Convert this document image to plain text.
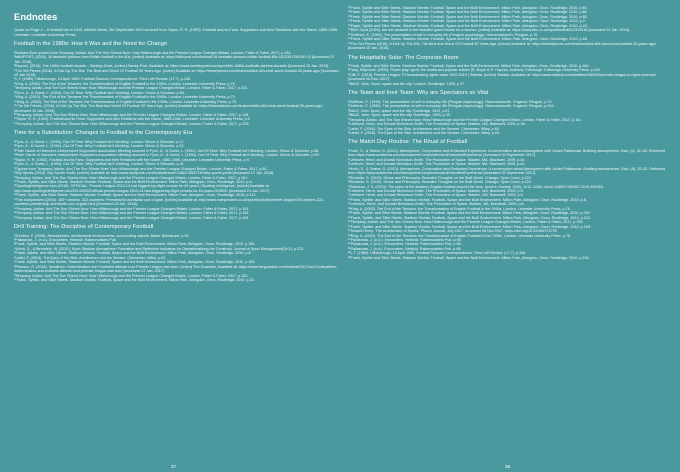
Endnotes

Quote on Page 2 – A football fan in 1910, Athletic News, 5th September 1910 sourced from Taylor, R. R. (1992). Football and its Fans: Supporters and their Relations with the Game, 1885-1985. Leicester: Leicester University Press.

Football in the 1980s: How it Was and the Need for Change

¹Barbara Buer quoted from Tempany, Adrian. And The Sun Shines Now: How Hillsborough and the Premier League Changed Britain, London, Faber & Faber, 2017, p.184.

²talkSPORT, (2016). 16 fantastic pictures from British football in the 80s. [online] Available at: https://talksport.com/football/16-fantastic-pictures-british-football-80s-151230175678/?=2 [Accessed 12 Jan. 2018].

³Beyond, (2016). The 1980s football decade – Sanleys Ends. [online] Sanley Post. Available at: https://www.sandleypost.com/sport/the-1980s-footballs-darkest-decade/ [Accessed 15 Jan. 2018].

⁴The Set Pieces (2016). A Kick Up The 80s: The Best and Worst Of Football 30 Years Ago. [online] Available at: https://thesetpieces.com/features/kick-80s-best-worst-football-30-years-ago/ [Accessed 15 Jan 2018].

⁵L.T. (1989). Hillsborough, 15 April 1989. Football Sources Correspondence. Flew Left Review. (17.7), p.106.

⁶King, A. (2002). The End of the Terraces: the Transformation of English Football in the 1990s. London: Leicester University Press, p.75.

⁷Tempany, Adrian. And The Sun Shines Now: How Hillsborough and the Premier League Changed Britain, London, Faber & Faber, 2017, p.220.

⁸Fynn, A., & Guest, L. (1994). Out Of Time: Why Football Isn't Working. London: Simon & Schuster, p.59.

⁹King, A. (2002). The End of the Terraces: the Transformation of English Football in the 1990s. London: Leicester University Press, p.75.

¹⁰King, A. (2002). The End of the Terraces: the Transformation of English Football in the 1990s. London: Leicester University Press, p.75.

¹¹The Set Pieces, (2016). A Kick Up The 80s: The Best And Worst Of Football 30 Years Ago. [online] Available at: https://thesetpieces.com/features/kick-80s-best-worst-football-30-years-ago/ [Accessed 15 Jan. 2018].

¹²Tempany, Adrian. And The Sun Shines Now: How Hillsborough and the Premier League Changed Britain, London, Faber & Faber, 2017, p.138.

¹³Taylor, R. R. (1992). Football and its Fans: Supporters and their Relations with the Game, 1885-1985. Leicester: Leicester University Press, p.5.

¹⁴Tempany, Adrian. And The Sun Shines Now: How Hillsborough and the Premier League Changed Britain, London, Faber & Faber, 2017, p.225.

Time for a Substitution: Changes to Football in the Contemporary Era

¹Fynn, A., & Guest, L. (1994). Out Of Time: Why Football Isn't Working. London: Simon & Schuster, p.17.

²Fynn, A., & Guest, L. (1994). Out Of Time: Why Football Isn't Working. London: Simon & Schuster, p.32.

³Peter Garrie of Hammers Independent Supporters Association Meeting sourced in Fynn, A., & Guest, L. (1994). Out Of Time: Why Football Isn't Working. London: Simon & Schuster, p.58.

⁴Peter Garrie of Hammers Independent Supporters Association Meeting sourced in Fynn, A., & Guest, L. (1994). Out Of Time: Why Football Isn't Working. London: Simon & Schuster, p.59.

⁵Taylor, R. R. (1992). Football and its Fans: Supporters and their Relations with the Game, 1885-1985. Leicester: Leicester University Press, p.9.

⁶Fynn, A., & Guest, L. (1994). Out Of Time: Why Football Isn't Working. London: Simon & Schuster, p.41.

⁷Figures from Tempany, Adrian. And The Sun Shines Now: How Hillsborough and the Premier League Changed Britain, London, Faber & Faber, 2017, p.81.

⁸Sky Sports (2018). Sky Sports Youth. [online] Available at: http://www.skysports.com/football/news/11662/10687750/sky-sports-youth [Accessed 17 Jan. 2018].

⁹Tempany, Adrian. And The Sun Shines Now: How Hillsborough and the Premier League Changed Britain, London, Faber & Faber, 2017, p.161.

¹⁰Frank, Sybille, and Silke Steets. Stadium Worlds: Football, Space and the Built Environment. Milton Park, Abingdon, Oxon, Routledge, 2010, p.6.

¹¹SportingIntelligence.com (2016). OFFICIAL: Premier League 2013-14 had biggest top-flight crowds for 64 years | Sporting Intelligence. [online] Available at: http://www.sportingintelligence.com/2014/06/02/official-premier-league-2013-14-had-biggest-top-flight-crowds-for-64-years-020601/ [Accessed 24 Jan. 2017].

¹²Frank, Sybille, and Silke Steets. Stadium Worlds: Football, Space and the Built Environment. Milton Park, Abingdon, Oxon, Routledge, 2010, p.113.

¹³The Independent (2016). 100+ viewers. 322 countries: Premiership worldwide sort of grab. [online] Available at: http://www.independent.co.uk/sport/football/premier-league/100-viewers-322-countries-premiership-worldwide-sort-of-grab.html [Accessed 15 Jan. 2018].

¹⁴Tempany, Adrian. And The Sun Shines Now: How Hillsborough and the Premier League Changed Britain, London, Faber & Faber, 2017, p.151.

¹⁵Tempany, Adrian. And The Sun Shines Now: How Hillsborough and the Premier League Changed Britain, London, Faber & Faber, 2017, p.154.

¹⁶Tempany, Adrian. And The Sun Shines Now: How Hillsborough and the Premier League Changed Britain, London, Faber & Faber, 2017, p.164.

Drill Training: The Discipline of Contemporary Football

¹Zumthor, P. (2006). Atmospheres: architectural environments, surrounding objects. Basel: Birkhäuser, p.53.

²Pallasmaa, J. (n.d.). Encounters. Helsinki: Rakennustieto Pub.

³Frank, Sybille, and Silke Steets. Stadium Worlds: Football, Space and the Built Environment. Milton Park, Abingdon, Oxon, Routledge, 2010, p.156.

⁴Ulrich, S., & Bernstein, W. (2010). Sport Stadium Atmosphere: Formative and Reflective Indicators for Operationalizing the Construct. Journal of Sport Management(24:2), p.173.

⁵Frank, Sybille, and Silke Steets. Stadium Worlds: Football, Space and the Built Environment. Milton Park, Abingdon, Oxon, Routledge, 2010, p.6.

⁶Lahiri, F. (2016). The Eyes of the Skin: Architecture and the Senses. Chichester: Wiley, p.63.

⁷Frank, Sybille, and Silke Steets. Stadium Worlds: Football, Space and the Built Environment. Milton Park, Abingdon, Oxon, Routledge, 2010, p.153.

⁸Pearson, R. (2018). Decathlon: Determination and Football's attitude how Premier League was born. [online] The Guardian. Available at: https://www.theguardian.com/football/2017/oct/12/decathlon-determination-and-footballs-attitude-how-premier-league-was-born [Accessed 17 Jan. 2017].

⁹Tempany, Adrian. And The Sun Shines Now: How Hillsborough and the Premier League Changed Britain, London, Faber & Faber, 2017, p.153.

¹⁰Frank, Sybille, and Silke Steets. Stadium Worlds: Football, Space and the Built Environment. Milton Park, Abingdon, Oxon, Routledge, 2010, p.23.

¹¹Frank, Sybille and Silke Steets. Stadium Worlds: Football, Space and the Built Environment. Milton Park, Abingdon, Oxon, Routledge, 2010, p.85.

¹²Frank, Sybille and Silke Steets. Stadium Worlds: Football, Space and the Built Environment. Milton Park, Abingdon, Oxon, Routledge, 2010, p.86.

¹³Frank, Sybille and Silke Steets. Stadium Worlds: Football, Space and the Built Environment. Milton Park, Abingdon, Oxon, Routledge, 2010, p.88.

¹⁴Frank, Sybille and Silke Steets. Stadium Worlds: Football, Space and the Built Environment. Milton Park, Abingdon, Oxon, Routledge, 2010, p.2.

¹⁵Frank, Sybille and Silke Steets. Stadium Worlds: Football, Space and the Built Environment. Milton Park, Abingdon, Oxon, Routledge, 2010, p.23.

¹⁶BBC Sport (2016). Are the weakest in the beautiful game bearer for a woman. [online] Available at: https://www.bbc.co.uk/sport/football/22314515 [Accessed 21 Jan. 2018].

¹⁷Goffman, E. (1990). The presentation of self in everyday life (Penguin psychology). Harmondsworth: Penguin, p.75.

¹⁸Frank, Sybille and Silke Steets. Stadium Worlds: Football, Space and the Built Environment. Milton Park, Abingdon, Oxon, Routledge, 2010, p.66.

¹⁹The Set Pieces (2016). A Kick Up The 80s: The Best And Worst Of Football 30 Years Ago. [online] Available at: https://thesetpieces.com/features/kick-80s-best-worst-football-30-years-ago/ [Accessed 15 Jan. 2018].

The Hospitality Suite: The Corporate Boom

¹Frank, Sybille, and Silke Steets. Stadium Worlds: Football, Space and the Built Environment. Milton Park, Abingdon, Oxon, Routledge, 2010, p.166.

²Parry, Raymond. (2009). Power play: sport, the media and popular culture (R. Boyle & R. Haynes, Authors). Edinburgh: Edinburgh University Press. p.202.

³Cliff, F. (2018). Premier League TV broadcasting rights value 1992-2019 | Statista. [online] Statista. Available at: https://www.statista.com/statistics/385002/premier-league-tv-rights-revenue/ [Accessed 06 Dec. 2017].

⁴BALE, John. Sport, space and the city. London: Routledge, 1993, p.27.

The Team and their Team: Why are Spectators so Vital

¹Goffman, E. (1990). The presentation of self in everyday life (Penguin psychology). Harmondsworth, England: Penguin, p.70.

²Goffman, E. (1990). The presentation of self in everyday life (Penguin psychology). Harmondsworth, England: Penguin, p.210.

³BALE, John. Sport, space and the city. Routledge, 1993, p.87.

⁴BALE, John. Sport, space and the city. Routledge, 1993, p.39.

⁵Tempany, Adrian. And The Sun Shines Now: How Hillsborough and the Premier League Changed Britain, London, Faber & Faber, 2017, p.161.

⁶Lefebvre, Henri, and Donald Nicholson-Smith. The Production of Space. Malden, MA, Blackwell, 2009, p.36.

⁷Lahiri, F. (2016). The Eyes of the Skin: Architecture and the Senses. Chichester: Wiley, p.63.

⁸Lahiri, F. (2016). The Eyes of the Skin: Architecture and the Senses. Chichester: Wiley, p.63.

The Match Day Routine: The Ritual of Football

¹Horth, S., & Teams, G. (2013). Atmosphere, Composition and Embodied Experience. A conversation about Atmosphere with Juhani Pallasmaa. Building atmospheres, Oslo, (9), 32–53. Retrieved from https://www.academia.edu/AtmosphereCompositionAndEmbodiedExperience [Accessed 30 September 2017].

²Lefebvre, Henri, and Donald Nicholson-Smith. The Production of Space. Malden, MA, Blackwell, 2009, p.40.

³Lefebvre, Henri, and Donald Nicholson-Smith. The Production of Space. Malden, MA, Blackwell, 2009, p.40.

⁴Horth, S., & Teams, G. (2013). Atmosphere, Composition and Embodied Experience. A conversation about Atmosphere with Juhani Pallasmaa. Building atmospheres, Oslo, (9), 32–53. Retrieved from https://www.academia.edu/AtmosphereCompositionAndEmbodiedExperience [Accessed 30 September 2017].

⁵Richards, S. (2010). Sense and Philosophy: Beautiful Thoughts on the Built World. Chicago: Open Court, p.224.

⁶Richards, S. (2010). Sense and Philosophy: Beautiful Thoughts on the Built World. Chicago: Open Court, p.224.

⁷Robinson, J. S. (2010). The place of the stadium: English football beyond the fans. Sport in Society, 13(6), 1012–1026. doi:10.1080/17430437.2010.491269.

⁸Lefebvre, Henri, and Donald Nicholson-Smith. The Production of Space. Malden, MA, Blackwell, 2009, p.6.

⁹Lefebvre, Henri, and Donald Nicholson-Smith. The Production of Space. Malden, MA, Blackwell, 2009, p.6.

¹⁰Frank, Sybille, and Silke Steets. Stadium Worlds: Football, Space and the Built Environment. Milton Park, Abingdon, Oxon, Routledge, 2010, p.8.

¹¹Lefebvre, Henri, and Donald Nicholson-Smith. The Production of Space. Malden, MA, Blackwell, 2009, p.6.

¹²King, A. (2002). The End of the Terraces: the Transformation of English Football in the 1990s. London: Leicester University Press, p.75.

¹³Frank, Sybille, and Silke Steets. Stadium Worlds: Football, Space and the Built Environment. Milton Park, Abingdon, Oxon, Routledge, 2010, p.239.

¹⁴Frank, Sybille, and Silke Steets. Stadium Worlds: Football, Space and the Built Environment. Milton Park, Abingdon, Oxon, Routledge, 2010, p.222.

¹⁵Tempany, Adrian. And The Sun Shines Now: How Hillsborough and the Premier League Changed Britain, London, Faber & Faber, 2017, p.150.

¹⁶Frank, Sybille, and Silke Steets. Stadium Worlds: Football, Space and the Built Environment. Milton Park, Abingdon, Oxon, Routledge, 2010, p.169.

¹⁷Roland Henry, 'The Architecture of Sports,' Places Journal, July 2017. Accessed 08 Dec 2017. https://doi.org/10.22269/170725

¹⁸King, A. (2002). The End of the Terraces: the Transformation of English Football in the 1990s. London: Leicester University Press, p.75.

¹⁹Pallasmaa, J. (n.d.). Encounters. Helsinki: Rakennustieto Pub. p.96.

²⁰Pallasmaa, J. (n.d.). Encounters. Helsinki: Rakennustieto Pub. p.96.

²¹Pallasmaa, J. (n.d.). Encounters. Helsinki: Rakennustieto Pub. p.96.

²²L.T. (1989). Hillsborough, 15 April 1989. Football Sources Correspondence. Flew Left Review. (17.7), p.106.

²³Frank, Sybille and Silke Steets. Stadium Worlds: Football, Space and the Built Environment. Milton Park, Abingdon, Oxon, Routledge, 2010, p.234.

37	38
